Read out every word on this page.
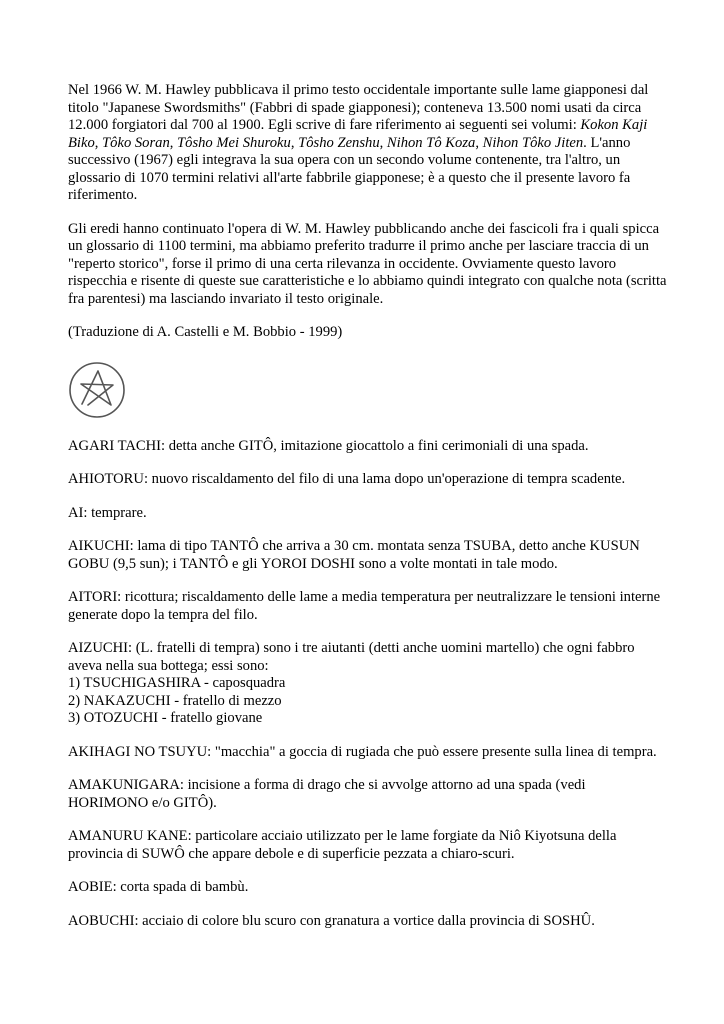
Nel 1966 W. M. Hawley pubblicava il primo testo occidentale importante sulle lame giapponesi dal titolo "Japanese Swordsmiths" (Fabbri di spade giapponesi); conteneva 13.500 nomi usati da circa 12.000 forgiatori dal 700 al 1900. Egli scrive di fare riferimento ai seguenti sei volumi: Kokon Kaji Biko, Tôko Soran, Tôsho Mei Shuroku, Tôsho Zenshu, Nihon Tô Koza, Nihon Tôko Jiten. L'anno successivo (1967) egli integrava la sua opera con un secondo volume contenente, tra l'altro, un glossario di 1070 termini relativi all'arte fabbrile giapponese; è a questo che il presente lavoro fa riferimento.

Gli eredi hanno continuato l'opera di W. M. Hawley pubblicando anche dei fascicoli fra i quali spicca un glossario di 1100 termini, ma abbiamo preferito tradurre il primo anche per lasciare traccia di un "reperto storico", forse il primo di una certa rilevanza in occidente. Ovviamente questo lavoro rispecchia e risente di queste sue caratteristiche e lo abbiamo quindi integrato con qualche nota (scritta fra parentesi) ma lasciando invariato il testo originale.

(Traduzione di A. Castelli e M. Bobbio - 1999)

AGARI TACHI: detta anche GITÔ, imitazione giocattolo a fini cerimoniali di una spada.

AHIOTORU: nuovo riscaldamento del filo di una lama dopo un'operazione di tempra scadente.

AI: temprare.

AIKUCHI: lama di tipo TANTÔ che arriva a 30 cm. montata senza TSUBA, detto anche KUSUN GOBU (9,5 sun); i TANTÔ e gli YOROI DOSHI sono a volte montati in tale modo.

AITORI: ricottura; riscaldamento delle lame a media temperatura per neutralizzare le tensioni interne generate dopo la tempra del filo.

AIZUCHI: (L. fratelli di tempra) sono i tre aiutanti (detti anche uomini martello) che ogni fabbro aveva nella sua bottega; essi sono:
1) TSUCHIGASHIRA - caposquadra
2) NAKAZUCHI - fratello di mezzo
3) OTOZUCHI - fratello giovane

AKIHAGI NO TSUYU: "macchia" a goccia di rugiada che può essere presente sulla linea di tempra.

AMAKUNIGARA: incisione a forma di drago che si avvolge attorno ad una spada (vedi HORIMONO e/o GITÔ).

AMANURU KANE: particolare acciaio utilizzato per le lame forgiate da Niô Kiyotsuna della provincia di SUWÔ che appare debole e di superficie pezzata a chiaro-scuri.

AOBIE: corta spada di bambù.

AOBUCHI: acciaio di colore blu scuro con granatura a vortice dalla provincia di SOSHÛ.
